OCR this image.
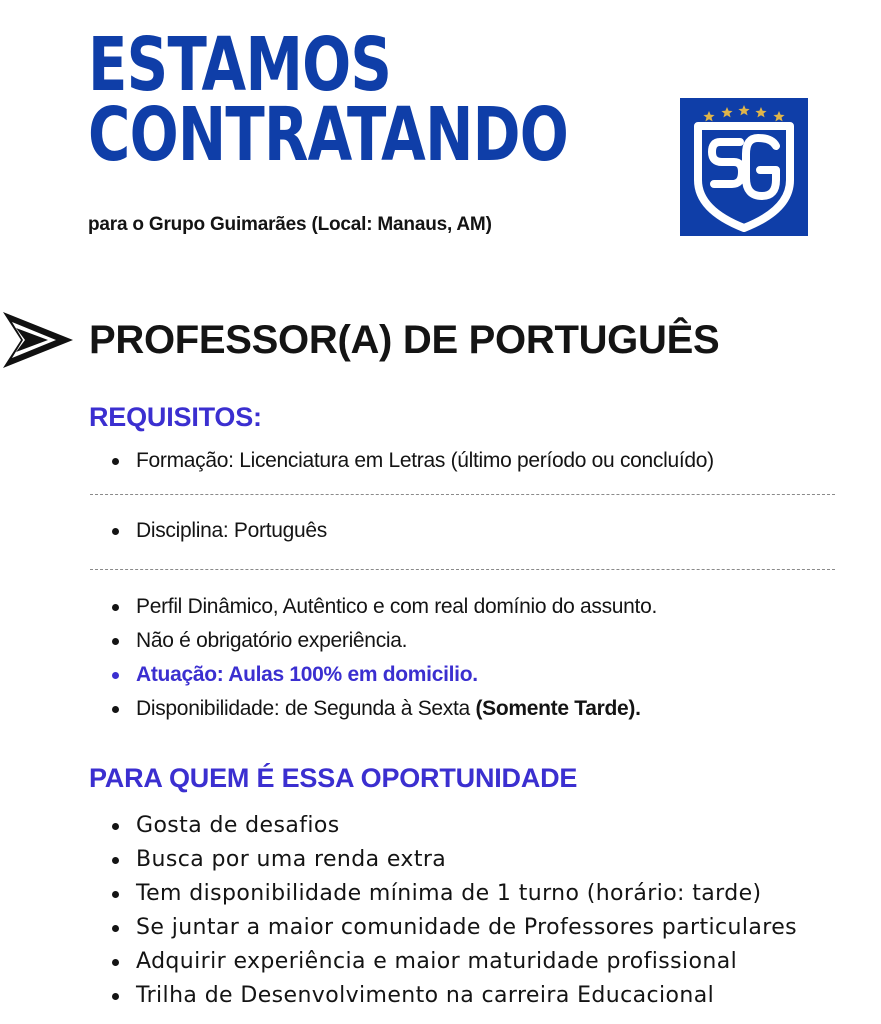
ESTAMOS
CONTRATANDO
para o Grupo Guimarães (Local: Manaus, AM)
PROFESSOR(A) DE PORTUGUÊS
REQUISITOS:
Formação: Licenciatura em Letras (último período ou concluído)
Disciplina: Português
Perfil Dinâmico, Autêntico e com real domínio do assunto.
Não é obrigatório experiência.
Atuação: Aulas 100% em domicilio.
Disponibilidade: de Segunda à Sexta (Somente Tarde).
PARA QUEM É ESSA OPORTUNIDADE
Gosta de desafios
Busca por uma renda extra
Tem disponibilidade mínima de 1 turno (horário: tarde)
Se juntar a maior comunidade de Professores particulares
Adquirir experiência e maior maturidade profissional
Trilha de Desenvolvimento na carreira Educacional
